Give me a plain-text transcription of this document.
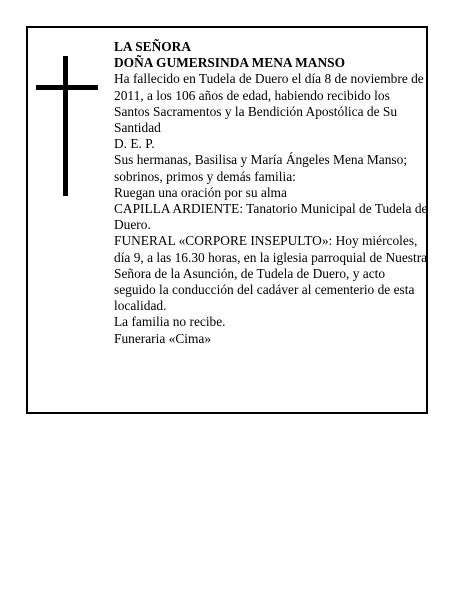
LA SEÑORA

DOÑA GUMERSINDA MENA MANSO

Ha fallecido en Tudela de Duero el día 8 de noviembre de 2011, a los 106 años de edad, habiendo recibido los Santos Sacramentos y la Bendición Apostólica de Su Santidad

D. E. P.

Sus hermanas, Basilisa y María Ángeles Mena Manso; sobrinos, primos y demás familia:

Ruegan una oración por su alma

CAPILLA ARDIENTE: Tanatorio Municipal de Tudela de Duero.

FUNERAL «CORPORE INSEPULTO»: Hoy miércoles, día 9, a las 16.30 horas, en la iglesia parroquial de Nuestra Señora de la Asunción, de Tudela de Duero, y acto seguido la conducción del cadáver al cementerio de esta localidad.

La familia no recibe.

Funeraria «Cima»
